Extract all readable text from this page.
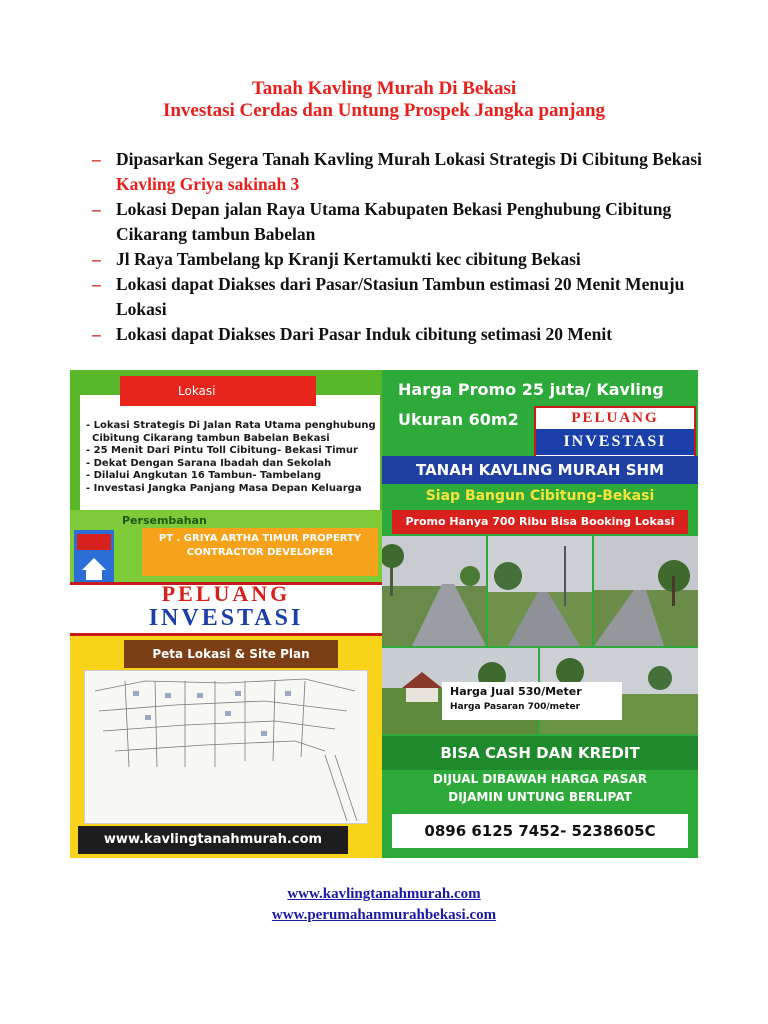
Tanah Kavling Murah Di Bekasi
Investasi Cerdas dan Untung Prospek Jangka panjang
– Dipasarkan Segera Tanah Kavling Murah Lokasi Strategis Di Cibitung Bekasi Kavling Griya sakinah 3
– Lokasi Depan jalan Raya Utama Kabupaten Bekasi Penghubung Cibitung Cikarang tambun Babelan
– Jl Raya Tambelang kp Kranji Kertamukti kec cibitung Bekasi
– Lokasi dapat Diakses dari Pasar/Stasiun Tambun estimasi 20 Menit Menuju Lokasi
– Lokasi dapat Diakses Dari Pasar Induk cibitung setimasi 20 Menit
Lokasi
- Lokasi Strategis Di Jalan Rata Utama penghubung
Cibitung Cikarang tambun Babelan Bekasi
- 25 Menit Dari Pintu Toll Cibitung- Bekasi Timur
- Dekat Dengan Sarana Ibadah dan Sekolah
- Dilalui Angkutan 16 Tambun- Tambelang
- Investasi Jangka Panjang Masa Depan Keluarga
Persembahan
PT . GRIYA ARTHA TIMUR PROPERTY
CONTRACTOR DEVELOPER
PELUANG
INVESTASI
Peta Lokasi & Site Plan
www.kavlingtanahmurah.com
Harga Promo 25 juta/ Kavling
Ukuran 60m2	PELUANG
INVESTASI
TANAH KAVLING MURAH SHM
Siap Bangun Cibitung-Bekasi
Promo Hanya 700 Ribu Bisa Booking Lokasi
Harga Jual 530/Meter
Harga Pasaran 700/meter
BISA CASH DAN KREDIT
DIJUAL DIBAWAH HARGA PASAR
DIJAMIN UNTUNG BERLIPAT
0896 6125 7452- 5238605C
www.kavlingtanahmurah.com
www.perumahanmurahbekasi.com
